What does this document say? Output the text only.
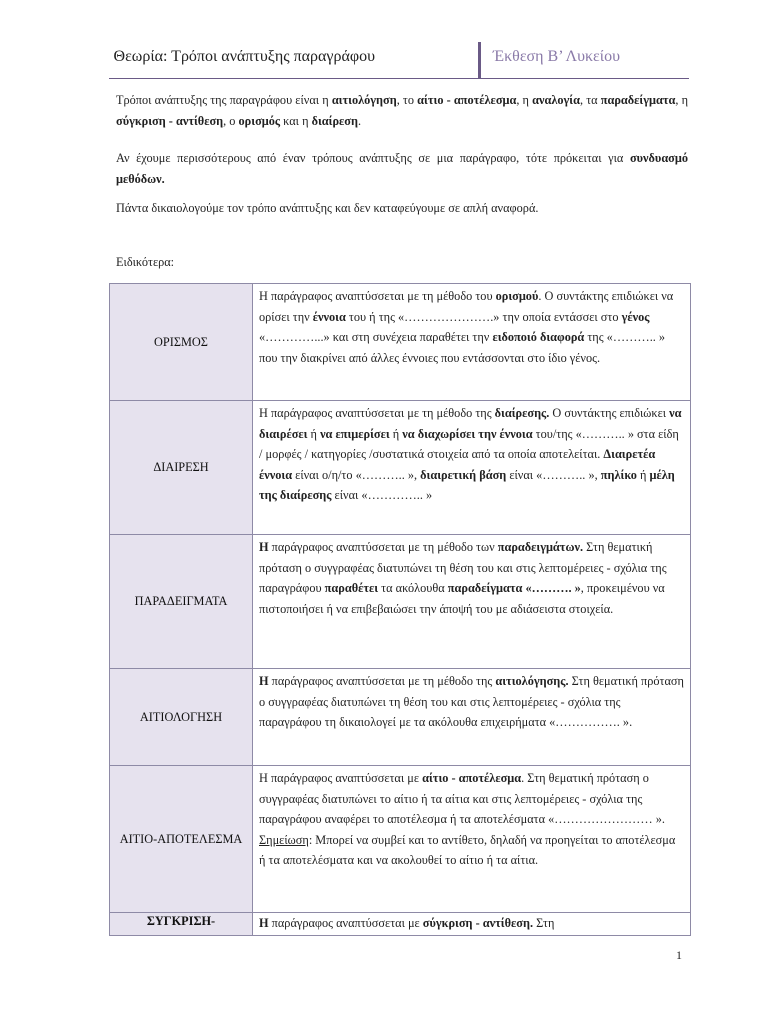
Θεωρία: Τρόποι ανάπτυξης παραγράφου	Έκθεση Β’ Λυκείου
Τρόποι ανάπτυξης της παραγράφου είναι η αιτιολόγηση, το αίτιο - αποτέλεσμα, η αναλογία, τα παραδείγματα, η σύγκριση - αντίθεση, ο ορισμός και η διαίρεση.
Αν έχουμε περισσότερους από έναν τρόπους ανάπτυξης σε μια παράγραφο, τότε πρόκειται για συνδυασμό μεθόδων.
Πάντα δικαιολογούμε τον τρόπο ανάπτυξης και δεν καταφεύγουμε σε απλή αναφορά.
Ειδικότερα:
ΟΡΙΣΜΟΣ	Η παράγραφος αναπτύσσεται με τη μέθοδο του ορισμού. Ο συντάκτης επιδιώκει να ορίσει την έννοια του ή της «………………….» την οποία εντάσσει στο γένος «…………...» και στη συνέχεια παραθέτει την ειδοποιό διαφορά της «……….. » που την διακρίνει από άλλες έννοιες που εντάσσονται στο ίδιο γένος.
ΔΙΑΙΡΕΣΗ	Η παράγραφος αναπτύσσεται με τη μέθοδο της διαίρεσης. Ο συντάκτης επιδιώκει να διαιρέσει ή να επιμερίσει ή να διαχωρίσει την έννοια του/της «……….. » στα είδη / μορφές / κατηγορίες /συστατικά στοιχεία από τα οποία αποτελείται. Διαιρετέα έννοια είναι ο/η/το «……….. », διαιρετική βάση είναι «……….. », πηλίκο ή μέλη της διαίρεσης είναι «………….. »
ΠΑΡΑΔΕΙΓΜΑΤΑ	Η παράγραφος αναπτύσσεται με τη μέθοδο των παραδειγμάτων. Στη θεματική πρόταση ο συγγραφέας διατυπώνει τη θέση του και στις λεπτομέρειες - σχόλια της παραγράφου παραθέτει τα ακόλουθα παραδείγματα «………. », προκειμένου να πιστοποιήσει ή να επιβεβαιώσει την άποψή του με αδιάσειστα στοιχεία.
ΑΙΤΙΟΛΟΓΗΣΗ	Η παράγραφος αναπτύσσεται με τη μέθοδο της αιτιολόγησης. Στη θεματική πρόταση ο συγγραφέας διατυπώνει τη θέση του και στις λεπτομέρειες - σχόλια της παραγράφου τη δικαιολογεί με τα ακόλουθα επιχειρήματα «……………. ».
ΑΙΤΙΟ-ΑΠΟΤΕΛΕΣΜΑ	Η παράγραφος αναπτύσσεται με αίτιο - αποτέλεσμα. Στη θεματική πρόταση ο συγγραφέας διατυπώνει το αίτιο ή τα αίτια και στις λεπτομέρειες - σχόλια της παραγράφου αναφέρει το αποτέλεσμα ή τα αποτελέσματα «…………………… ». Σημείωση: Μπορεί να συμβεί και το αντίθετο, δηλαδή να προηγείται το αποτέλεσμα ή τα αποτελέσματα και να ακολουθεί το αίτιο ή τα αίτια.
ΣΥΓΚΡΙΣΗ-	Η παράγραφος αναπτύσσεται με σύγκριση - αντίθεση. Στη
1
